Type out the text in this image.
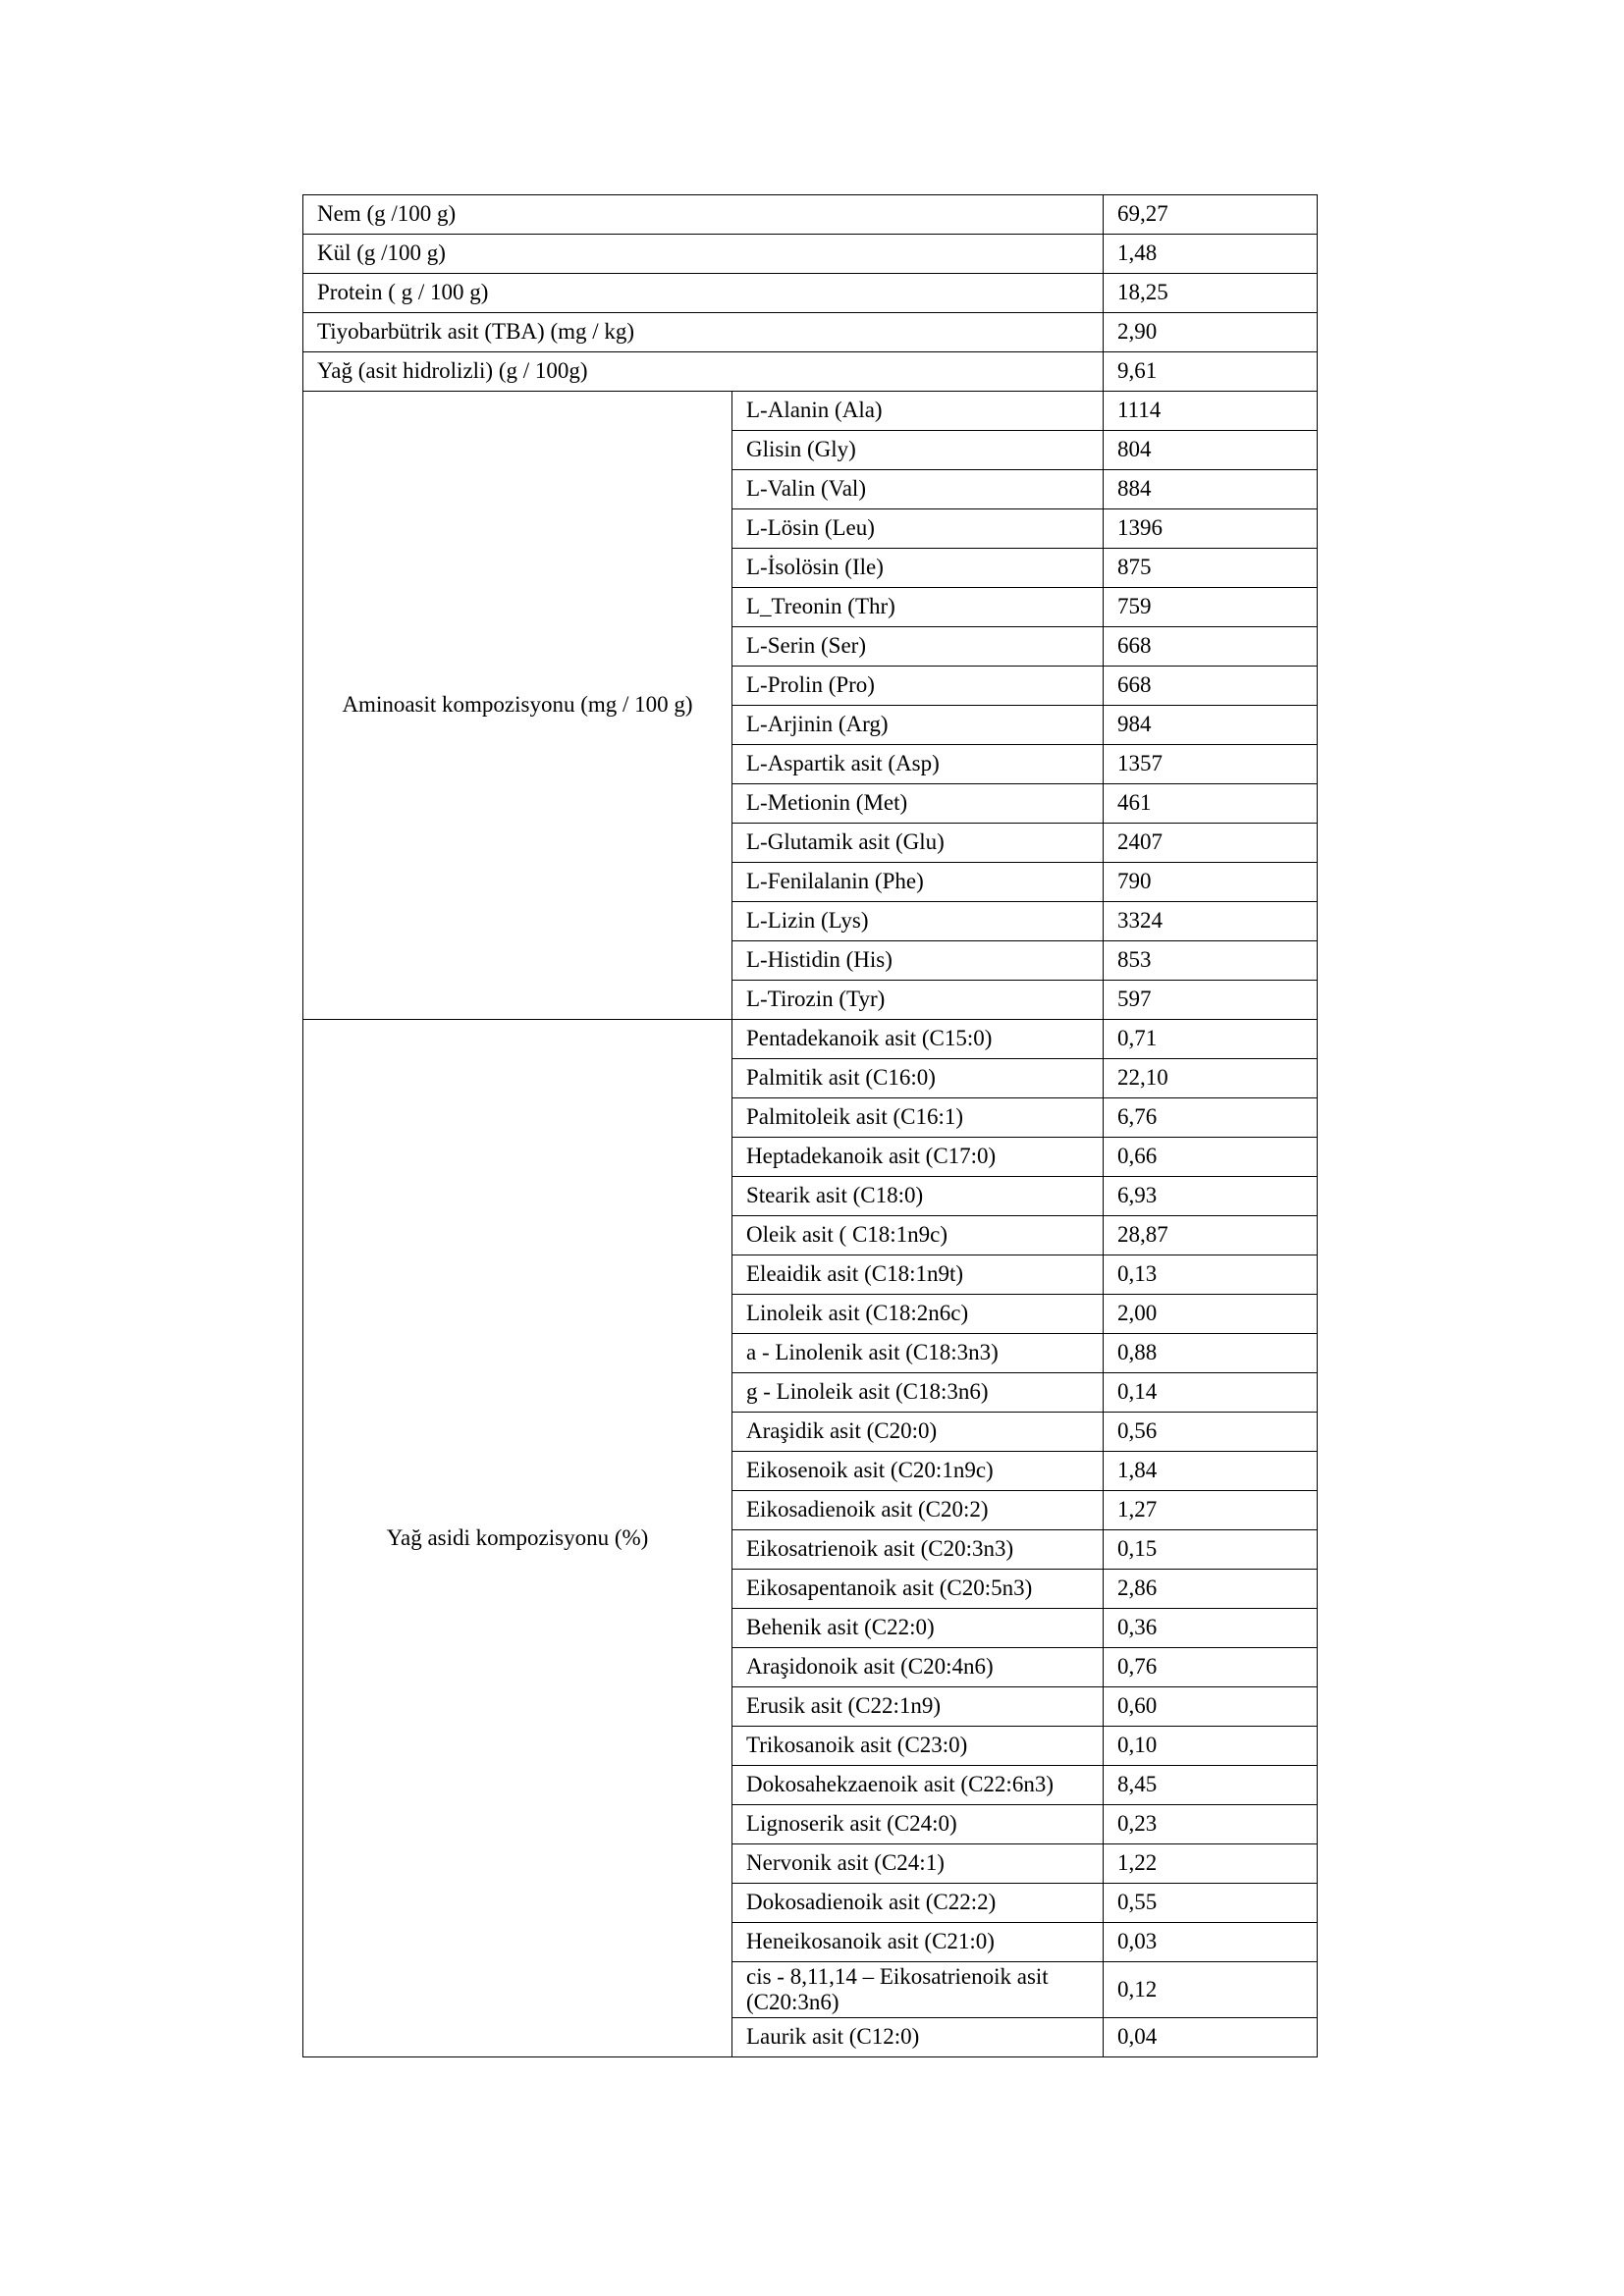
Nem (g /100 g)		69,27
Kül (g /100 g)		1,48
Protein ( g / 100 g)		18,25
Tiyobarbütrik asit (TBA) (mg / kg)		2,90
Yağ (asit hidrolizli) (g / 100g)		9,61
Aminoasit kompozisyonu (mg / 100 g)	L-Alanin (Ala)	1114
	Glisin (Gly)	804
	L-Valin (Val)	884
	L-Lösin (Leu)	1396
	L-İsolösin (Ile)	875
	L_Treonin (Thr)	759
	L-Serin (Ser)	668
	L-Prolin (Pro)	668
	L-Arjinin (Arg)	984
	L-Aspartik asit (Asp)	1357
	L-Metionin (Met)	461
	L-Glutamik asit (Glu)	2407
	L-Fenilalanin (Phe)	790
	L-Lizin (Lys)	3324
	L-Histidin (His)	853
	L-Tirozin (Tyr)	597
Yağ asidi kompozisyonu (%)	Pentadekanoik asit (C15:0)	0,71
	Palmitik asit (C16:0)	22,10
	Palmitoleik asit (C16:1)	6,76
	Heptadekanoik asit (C17:0)	0,66
	Stearik asit (C18:0)	6,93
	Oleik asit ( C18:1n9c)	28,87
	Eleaidik asit (C18:1n9t)	0,13
	Linoleik asit (C18:2n6c)	2,00
	a - Linolenik asit (C18:3n3)	0,88
	g - Linoleik asit (C18:3n6)	0,14
	Araşidik asit (C20:0)	0,56
	Eikosenoik asit (C20:1n9c)	1,84
	Eikosadienoik asit (C20:2)	1,27
	Eikosatrienoik asit (C20:3n3)	0,15
	Eikosapentanoik asit (C20:5n3)	2,86
	Behenik asit (C22:0)	0,36
	Araşidonoik asit (C20:4n6)	0,76
	Erusik asit (C22:1n9)	0,60
	Trikosanoik asit (C23:0)	0,10
	Dokosahekzaenoik asit (C22:6n3)	8,45
	Lignoserik asit (C24:0)	0,23
	Nervonik asit (C24:1)	1,22
	Dokosadienoik asit (C22:2)	0,55
	Heneikosanoik asit (C21:0)	0,03
	cis - 8,11,14 – Eikosatrienoik asit (C20:3n6)	0,12
	Laurik asit (C12:0)	0,04
